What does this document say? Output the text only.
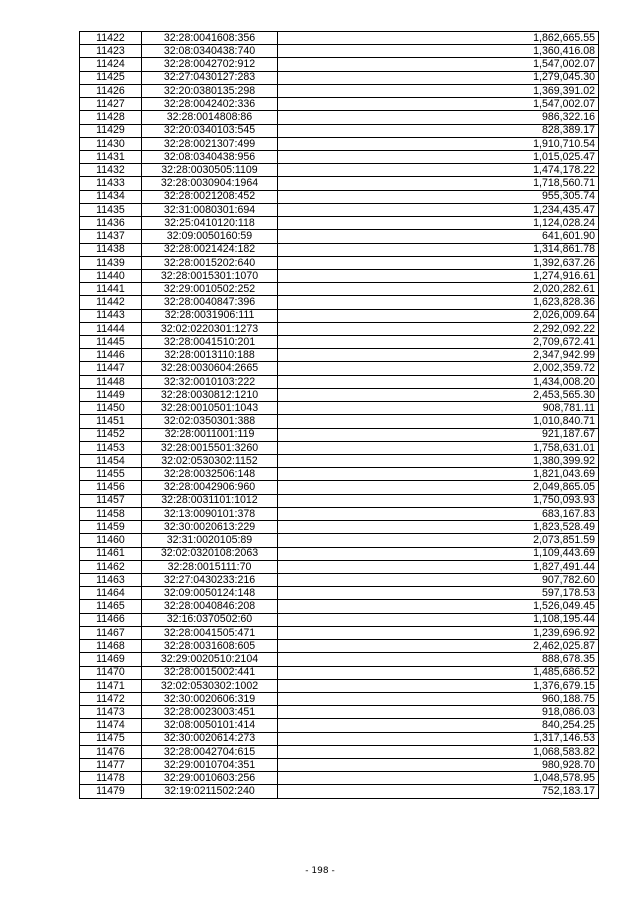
11422	32:28:0041608:356	1,862,665.55
11423	32:08:0340438:740	1,360,416.08
11424	32:28:0042702:912	1,547,002.07
11425	32:27:0430127:283	1,279,045.30
11426	32:20:0380135:298	1,369,391.02
11427	32:28:0042402:336	1,547,002.07
11428	32:28:0014808:86	986,322.16
11429	32:20:0340103:545	828,389.17
11430	32:28:0021307:499	1,910,710.54
11431	32:08:0340438:956	1,015,025.47
11432	32:28:0030505:1109	1,474,178.22
11433	32:28:0030904:1964	1,718,560.71
11434	32:28:0021208:452	955,305.74
11435	32:31:0080301:694	1,234,435.47
11436	32:25:0410120:118	1,124,028.24
11437	32:09:0050160:59	641,601.90
11438	32:28:0021424:182	1,314,861.78
11439	32:28:0015202:640	1,392,637.26
11440	32:28:0015301:1070	1,274,916.61
11441	32:29:0010502:252	2,020,282.61
11442	32:28:0040847:396	1,623,828.36
11443	32:28:0031906:111	2,026,009.64
11444	32:02:0220301:1273	2,292,092.22
11445	32:28:0041510:201	2,709,672.41
11446	32:28:0013110:188	2,347,942.99
11447	32:28:0030604:2665	2,002,359.72
11448	32:32:0010103:222	1,434,008.20
11449	32:28:0030812:1210	2,453,565.30
11450	32:28:0010501:1043	908,781.11
11451	32:02:0350301:388	1,010,840.71
11452	32:28:0011001:119	921,187.67
11453	32:28:0015501:3260	1,758,631.01
11454	32:02:0530302:1152	1,380,399.92
11455	32:28:0032506:148	1,821,043.69
11456	32:28:0042906:960	2,049,865.05
11457	32:28:0031101:1012	1,750,093.93
11458	32:13:0090101:378	683,167.83
11459	32:30:0020613:229	1,823,528.49
11460	32:31:0020105:89	2,073,851.59
11461	32:02:0320108:2063	1,109,443.69
11462	32:28:0015111:70	1,827,491.44
11463	32:27:0430233:216	907,782.60
11464	32:09:0050124:148	597,178.53
11465	32:28:0040846:208	1,526,049.45
11466	32:16:0370502:60	1,108,195.44
11467	32:28:0041505:471	1,239,696.92
11468	32:28:0031608:605	2,462,025.87
11469	32:29:0020510:2104	888,678.35
11470	32:28:0015002:441	1,485,686.52
11471	32:02:0530302:1002	1,376,679.15
11472	32:30:0020606:319	960,188.75
11473	32:28:0023003:451	918,086.03
11474	32:08:0050101:414	840,254.25
11475	32:30:0020614:273	1,317,146.53
11476	32:28:0042704:615	1,068,583.82
11477	32:29:0010704:351	980,928.70
11478	32:29:0010603:256	1,048,578.95
11479	32:19:0211502:240	752,183.17
- 198 -
